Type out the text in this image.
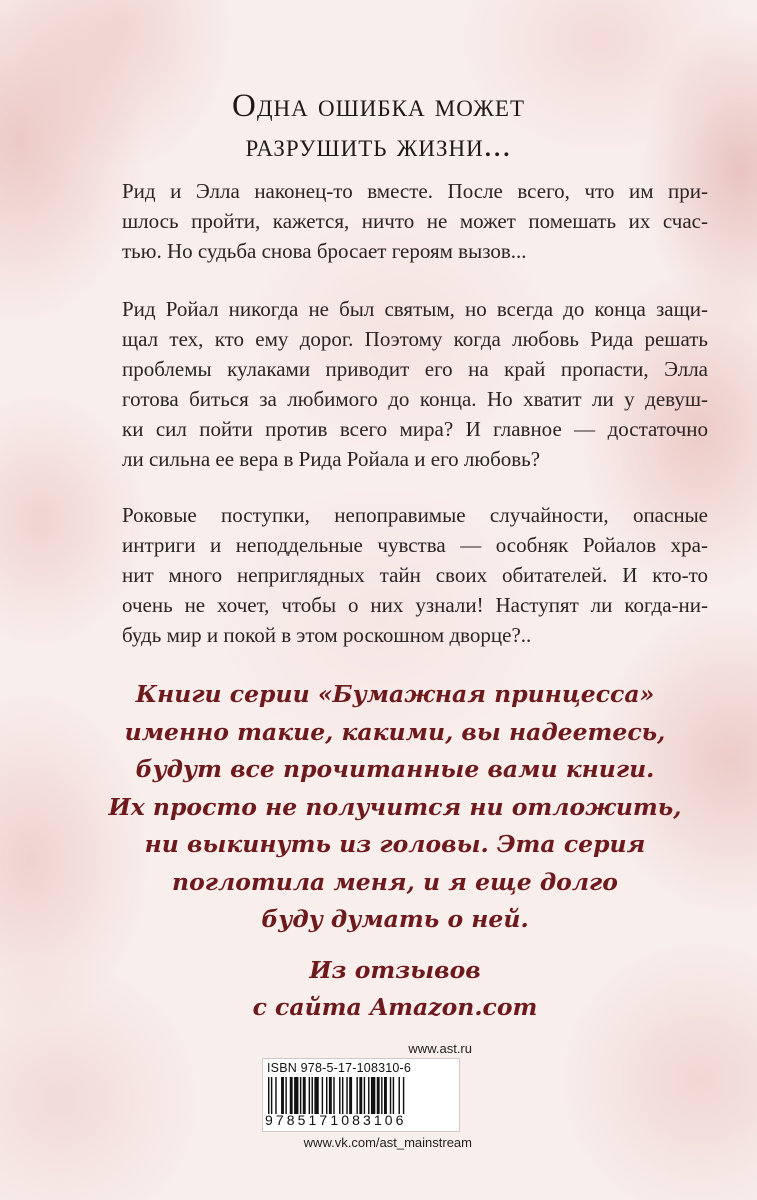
Одна ошибка может
разрушить жизни...
Рид и Элла наконец-то вместе. После всего, что им при-
шлось пройти, кажется, ничто не может помешать их счас-
тью. Но судьба снова бросает героям вызов...
Рид Ройал никогда не был святым, но всегда до конца защи-
щал тех, кто ему дорог. Поэтому когда любовь Рида решать
проблемы кулаками приводит его на край пропасти, Элла
готова биться за любимого до конца. Но хватит ли у девуш-
ки сил пойти против всего мира? И главное — достаточно
ли сильна ее вера в Рида Ройала и его любовь?
Роковые поступки, непоправимые случайности, опасные
интриги и неподдельные чувства — особняк Ройалов хра-
нит много неприглядных тайн своих обитателей. И кто-то
очень не хочет, чтобы о них узнали! Наступят ли когда-ни-
будь мир и покой в этом роскошном дворце?..
Книги серии «Бумажная принцесса»
именно такие, какими, вы надеетесь,
будут все прочитанные вами книги.
Их просто не получится ни отложить,
ни выкинуть из головы. Эта серия
поглотила меня, и я еще долго
буду думать о ней.
Из отзывов
с сайта Amazon.com
www.ast.ru
ISBN 978-5-17-108310-6
9785171083106
www.vk.com/ast_mainstream
